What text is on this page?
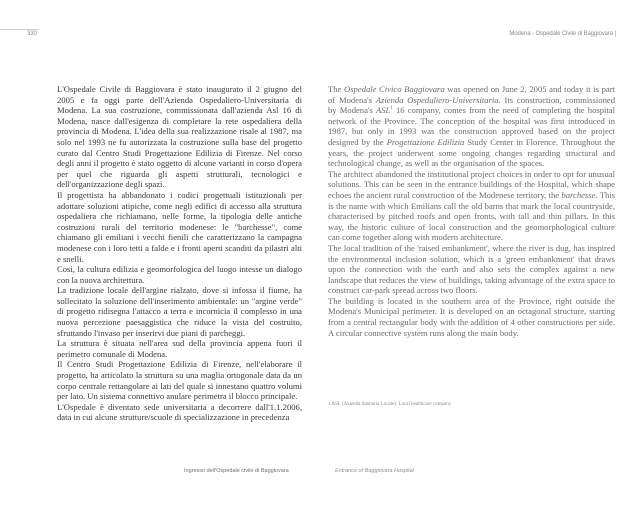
330	Modena - Ospedale Civile di Baggiovara |

L'Ospedale Civile di Baggiovara è stato inaugurato il 2 giugno del 2005 e fa oggi parte dell'Azienda Ospedaliero-Universitaria di Modena. La sua costruzione, commissionata dall'azienda Asl 16 di Modena, nasce dall'esigenza di completare la rete ospedaliera della provincia di Modena. L'idea della sua realizzazione risale al 1987, ma solo nel 1993 ne fu autorizzata la costruzione sulla base del progetto curato dal Centro Studi Progettazione Edilizia di Firenze. Nel corso degli anni il progetto è stato oggetto di alcune varianti in corso d'opera per quel che riguarda gli aspetti strutturali, tecnologici e dell'organizzazione degli spazi.

Il progettista ha abbandonato i codici progettuali istituzionali per adottare soluzioni atipiche, come negli edifici di accesso alla struttura ospedaliera che richiamano, nelle forme, la tipologia delle antiche costruzioni rurali del territorio modenese: le "barchesse", come chiamano gli emiliani i vecchi fienili che caratterizzano la campagna modenese con i loro tetti a falde e i fronti aperti scanditi da pilastri alti e snelli.

Così, la cultura edilizia e geomorfologica del luogo intesse un dialogo con la nuova architettura.

La tradizione locale dell'argine rialzato, dove si infossa il fiume, ha sollecitato la soluzione dell'inserimento ambientale: un "argine verde" di progetto ridisegna l'attacco a terra e incornicia il complesso in una nuova percezione paesaggistica che riduce la vista del costruito, sfruttando l'invaso per inserirvi due piani di parcheggi.

La struttura è situata nell'area sud della provincia appena fuori il perimetro comunale di Modena.

Il Centro Studi Progettazione Edilizia di Firenze, nell'elaborare il progetto, ha articolato la struttura su una maglia ortogonale data da un corpo centrale rettangolare ai lati del quale si innestano quattro volumi per lato. Un sistema connettivo anulare perimetra il blocco principale.

L'Ospedale è diventato sede universitaria a decorrere dall'1.1.2006, data in cui alcune strutture/scuole di specializzazione in precedenza

The Ospedale Civico Baggiovara was opened on June 2, 2005 and today it is part of Modena's Azienda Ospedaliero-Universitaria. Its construction, commissioned by Modena's ASL$^1$ 16 company, comes from the need of completing the hospital network of the Province. The conception of the hospital was first introduced in 1987, but only in 1993 was the construction approved based on the project designed by the Progettazione Edilizia Study Center in Florence. Throughout the years, the project underwent some ongoing changes regarding structural and technological change, as well as the organisation of the spaces.

The architect abandoned the institutional project choices in order to opt for unusual solutions. This can be seen in the entrance buildings of the Hospital, which shape echoes the ancient rural construction of the Modenese territory, the barchesse. This is the name with which Emilians call the old barns that mark the local countryside, characterised by pitched roofs and open fronts, with tall and thin pillars. In this way, the historic culture of local construction and the geomorphological culture can come together along with modern architecture.

The local tradition of the 'raised embankment', where the river is dug, has inspired the environmental inclusion solution, which is a 'green embankment' that draws upon the connection with the earth and also sets the complex against a new landscape that reduces the view of buildings, taking advantage of the extra space to construct car-park spread across two floors.

The building is located in the southern area of the Province, right outside the Modena's Municipal perimeter. It is developed on an octagonal structure, starting from a central rectangular body with the addition of 4 other constructions per side. A circular connective system runs along the main body.

1 ASL (Azienda Sanitaria Locale): Local healthcare company
Ingresso dell'Ospedale civile di Baggiovara	Entrance of Baggiovara Hospital
